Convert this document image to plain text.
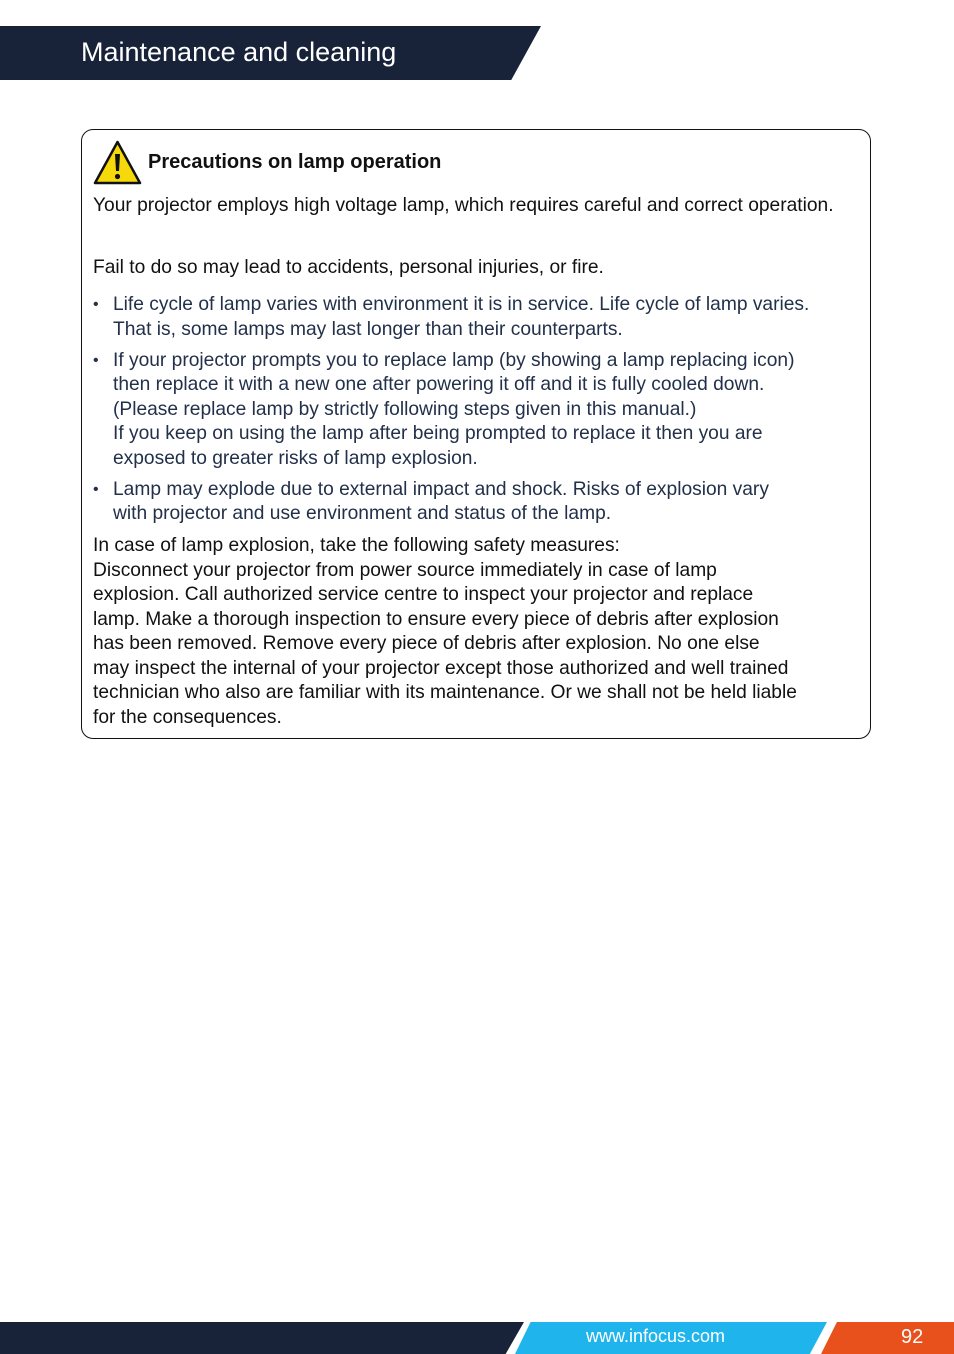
Maintenance and cleaning
Precautions on lamp operation

Your projector employs high voltage lamp, which requires careful and correct operation.

Fail to do so may lead to accidents, personal injuries, or fire.

• Life cycle of lamp varies with environment it is in service. Life cycle of lamp varies.
That is, some lamps may last longer than their counterparts.
• If your projector prompts you to replace lamp (by showing a lamp replacing icon)
then replace it with a new one after powering it off and it is fully cooled down.
(Please replace lamp by strictly following steps given in this manual.)
If you keep on using the lamp after being prompted to replace it then you are
exposed to greater risks of lamp explosion.
• Lamp may explode due to external impact and shock. Risks of explosion vary
with projector and use environment and status of the lamp.

In case of lamp explosion, take the following safety measures:
Disconnect your projector from power source immediately in case of lamp
explosion. Call authorized service centre to inspect your projector and replace
lamp. Make a thorough inspection to ensure every piece of debris after explosion
has been removed. Remove every piece of debris after explosion. No one else
may inspect the internal of your projector except those authorized and well trained
technician who also are familiar with its maintenance. Or we shall not be held liable
for the consequences.

www.infocus.com	92
